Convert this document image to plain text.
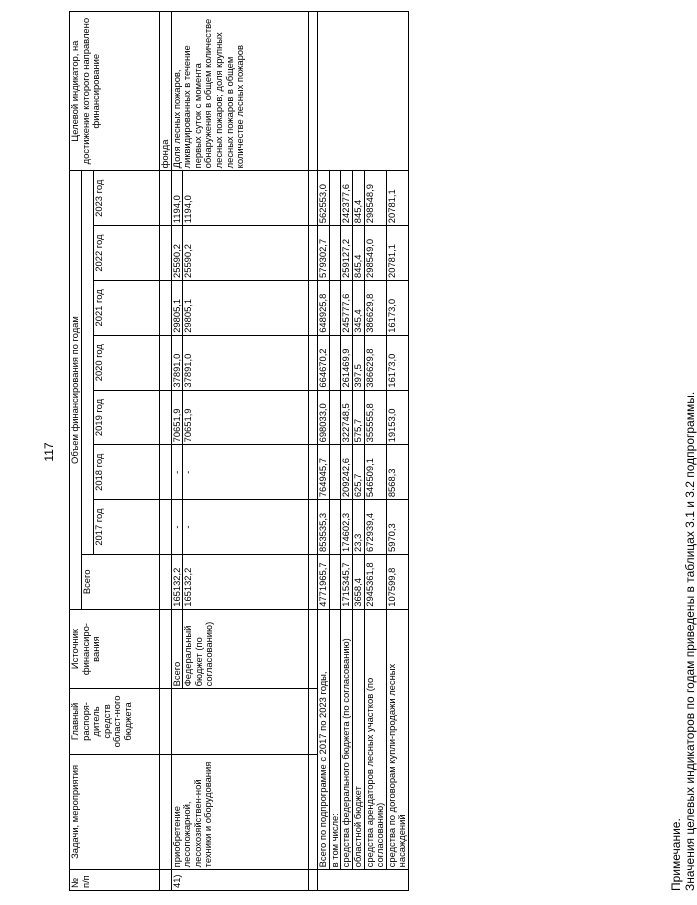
117
№ п/п	Задачи, мероприятия	Главный распоря-дитель средств област-ного бюджета	Источник финансиро-вания	Объем финансирования по годам								Целевой индикатор, на достижение которого направлено финансирование
				Всего								
					2017 год	2018 год	2019 год	2020 год	2021 год	2022 год	2023 год	
												фонда
41)	приобретение лесопожарной, лесохозяйствен-ной техники и оборудования		Всего	165132,2	-	-	70651,9	37891,0	29805,1	25590,2	1194,0	Доля лесных пожаров, ликвидированных в течение первых суток с момента обнаружения в общем количестве лесных пожаров; доля крупных лесных пожаров в общем количестве лесных пожаров
			Федеральный бюджет (по согласованию)	165132,2	-	-	70651,9	37891,0	29805,1	25590,2	1194,0	

	Всего по подпрограмме с 2017 по 2023 годы,			4771965,7	853535,3	764945,7	698033,0	664670,2	648925,8	579302,7	562553,0	
	в том числе:											
	средства федерального бюджета (по согласованию)			1715345,7	174602,3	209242,6	322748,5	261469,9	245777,6	259127,2	242377,6	
	областной бюджет			3658,4	23,3	625,7	575,7	397,5	345,4	845,4	845,4	
	средства арендаторов лесных участков (по согласованию)			2945361,8	672939,4	546509,1	355555,8	386629,8	386629,8	298549,0	298548,9	
	средства по договорам купли-продажи лесных насаждений			107599,8	5970,3	8568,3	19153,0	16173,0	16173,0	20781,1	20781,1	
Примечание. Значения целевых индикаторов по годам приведены в таблицах 3.1 и 3.2 подпрограммы.
